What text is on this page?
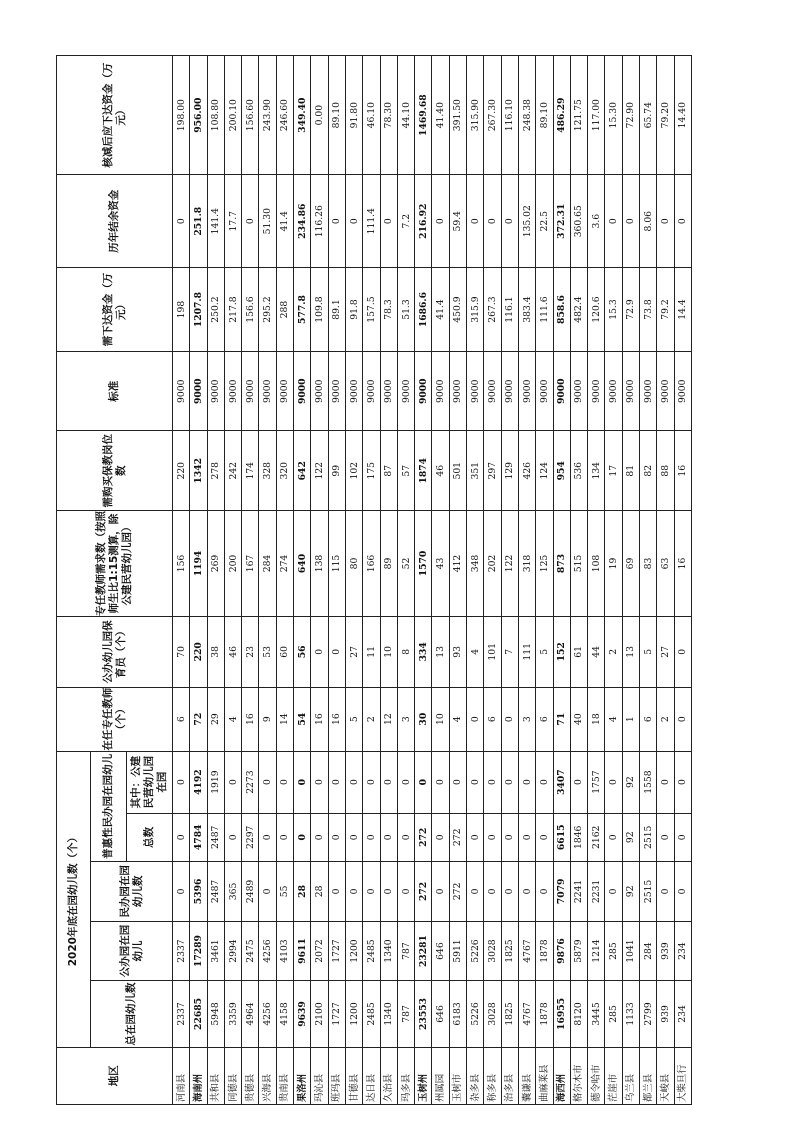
地区	2020年底在园幼儿数（个）					在任专任教师（个）	公办幼儿园保育员（个）	专任教师需求数（按照师生比1:15测算，除公建民营幼儿园）	需购买保教岗位数	标准	需下达资金（万元）	历年结余资金	核减后应下达资金（万元）
	总在园幼儿数	公办园在园幼儿	民办园在园幼儿数	普惠性民办园在园幼儿									
				总数	其中：公建民营幼儿园在园								
河南县	2337	2337	0	0	0	6	70	156	220	9000	198	0	198.00
海南州	22685	17289	5396	4784	4192	72	220	1194	1342	9000	1207.8	251.8	956.00
共和县	5948	3461	2487	2487	1919	29	38	269	278	9000	250.2	141.4	108.80
同德县	3359	2994	365	0	0	4	46	200	242	9000	217.8	17.7	200.10
贵德县	4964	2475	2489	2297	2273	16	23	167	174	9000	156.6	0	156.60
兴海县	4256	4256	0	0	0	9	53	284	328	9000	295.2	51.30	243.90
贵南县	4158	4103	55	0	0	14	60	274	320	9000	288	41.4	246.60
果洛州	9639	9611	28	0	0	54	56	640	642	9000	577.8	234.86	349.40
玛沁县	2100	2072	28	0	0	16	0	138	122	9000	109.8	116.26	0.00
班玛县	1727	1727	0	0	0	16	0	115	99	9000	89.1	0	89.10
甘德县	1200	1200	0	0	0	5	27	80	102	9000	91.8	0	91.80
达日县	2485	2485	0	0	0	2	11	166	175	9000	157.5	111.4	46.10
久治县	1340	1340	0	0	0	12	10	89	87	9000	78.3	0	78.30
玛多县	787	787	0	0	0	3	8	52	57	9000	51.3	7.2	44.10
玉树州	23553	23281	272	272	0	30	334	1570	1874	9000	1686.6	216.92	1469.68
州属园	646	646	0	0	0	10	13	43	46	9000	41.4	0	41.40
玉树市	6183	5911	272	272	0	4	93	412	501	9000	450.9	59.4	391.50
杂多县	5226	5226	0	0	0	0	4	348	351	9000	315.9	0	315.90
称多县	3028	3028	0	0	0	6	101	202	297	9000	267.3	0	267.30
治多县	1825	1825	0	0	0	0	7	122	129	9000	116.1	0	116.10
囊谦县	4767	4767	0	0	0	3	111	318	426	9000	383.4	135.02	248.38
曲麻莱县	1878	1878	0	0	0	6	5	125	124	9000	111.6	22.5	89.10
海西州	16955	9876	7079	6615	3407	71	152	873	954	9000	858.6	372.31	486.29
格尔木市	8120	5879	2241	1846	0	40	61	515	536	9000	482.4	360.65	121.75
德令哈市	3445	1214	2231	2162	1757	18	44	108	134	9000	120.6	3.6	117.00
茫崖市	285	285	0	0	0	4	2	19	17	9000	15.3	0	15.30
乌兰县	1133	1041	92	92	92	1	13	69	81	9000	72.9	0	72.90
都兰县	2799	284	2515	2515	1558	6	5	83	82	9000	73.8	8.06	65.74
天峻县	939	939	0	0	0	2	27	63	88	9000	79.2	0	79.20
大柴旦行	234	234	0	0	0	0	0	16	16	9000	14.4	0	14.40
